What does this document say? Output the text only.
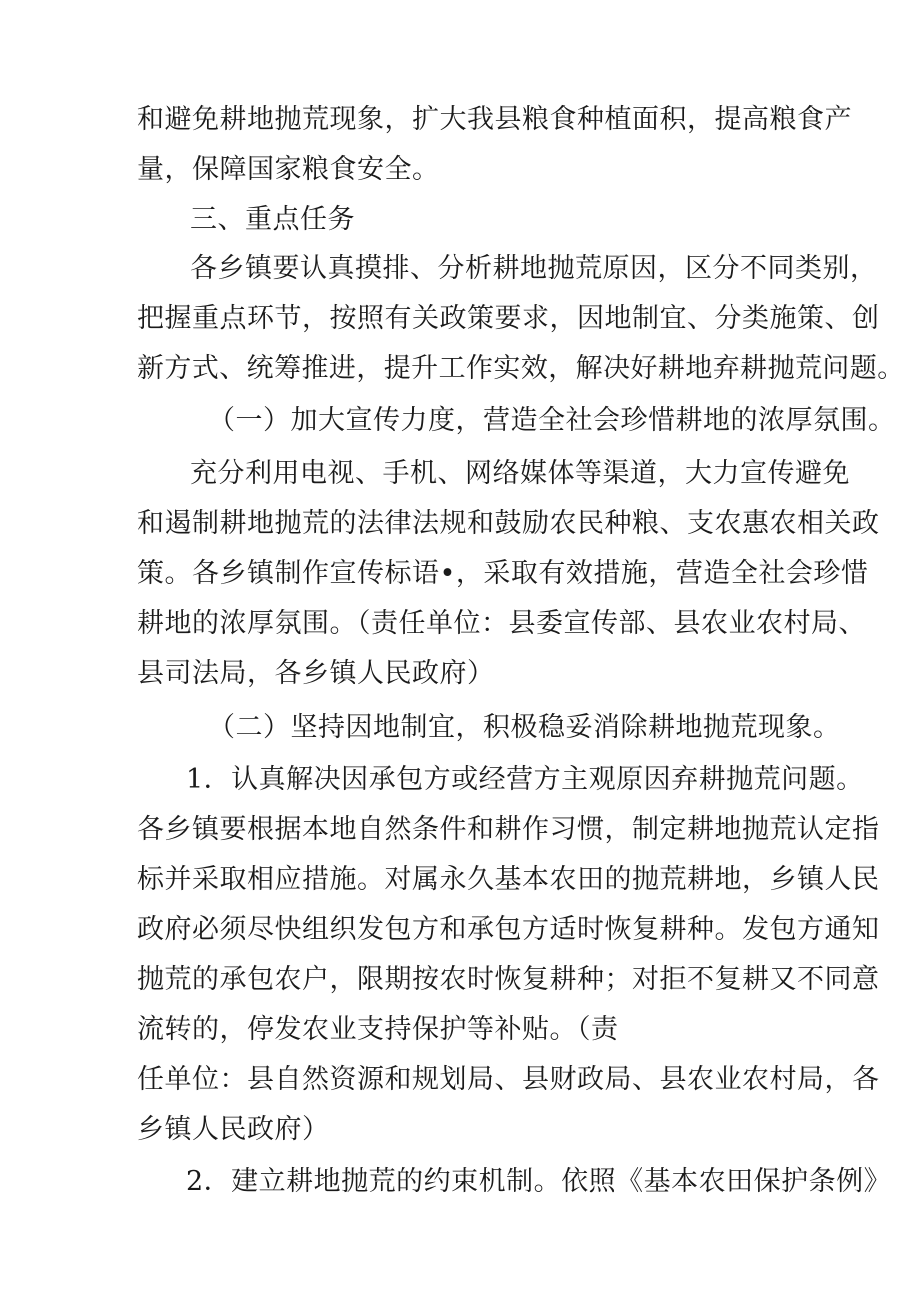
和避免耕地抛荒现象，扩大我县粮食种植面积，提高粮食产
量，保障国家粮食安全。
三、重点任务
各乡镇要认真摸排、分析耕地抛荒原因，区分不同类别，
把握重点环节，按照有关政策要求，因地制宜、分类施策、创
新方式、统筹推进，提升工作实效，解决好耕地弃耕抛荒问题。
（一）加大宣传力度，营造全社会珍惜耕地的浓厚氛围。
充分利用电视、手机、网络媒体等渠道，大力宣传避免
和遏制耕地抛荒的法律法规和鼓励农民种粮、支农惠农相关政
策。各乡镇制作宣传标语•，采取有效措施，营造全社会珍惜
耕地的浓厚氛围。（责任单位：县委宣传部、县农业农村局、
县司法局，各乡镇人民政府）
（二）坚持因地制宜，积极稳妥消除耕地抛荒现象。
1．认真解决因承包方或经营方主观原因弃耕抛荒问题。
各乡镇要根据本地自然条件和耕作习惯，制定耕地抛荒认定指
标并采取相应措施。对属永久基本农田的抛荒耕地，乡镇人民
政府必须尽快组织发包方和承包方适时恢复耕种。发包方通知
抛荒的承包农户，限期按农时恢复耕种；对拒不复耕又不同意
流转的，停发农业支持保护等补贴。（责
任单位：县自然资源和规划局、县财政局、县农业农村局，各
乡镇人民政府）
2．建立耕地抛荒的约束机制。依照《基本农田保护条例》
